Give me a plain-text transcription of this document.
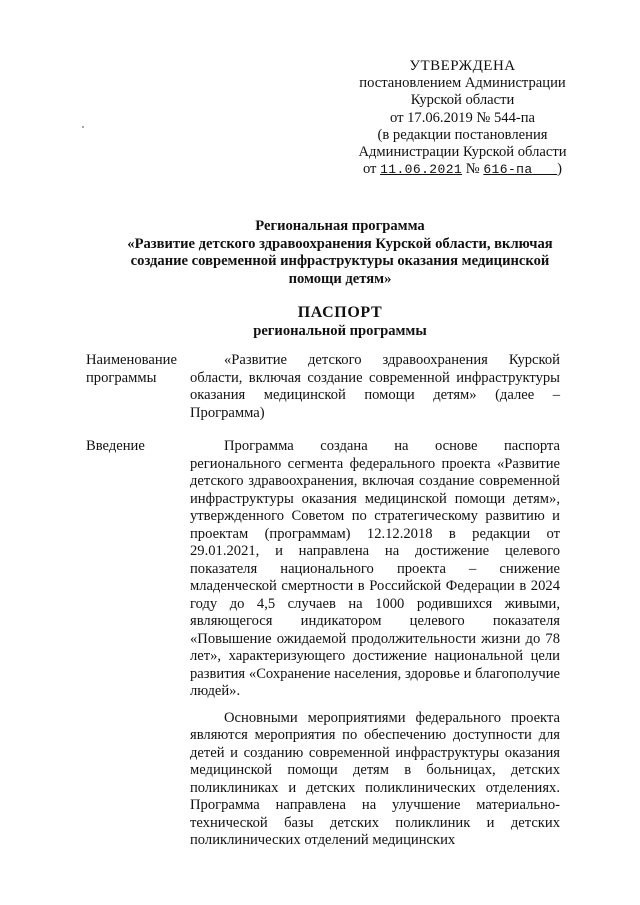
УТВЕРЖДЕНА
постановлением Администрации
Курской области
от 17.06.2019 № 544-па
(в редакции постановления
Администрации Курской области
от 11.06.2021 № 616-па )
Региональная программа
«Развитие детского здравоохранения Курской области, включая
создание современной инфраструктуры оказания медицинской
помощи детям»
ПАСПОРТ
региональной программы
Наименование программы

«Развитие детского здравоохранения Курской области, включая создание современной инфраструктуры оказания медицинской помощи детям» (далее – Программа)

Введение	Программа создана на основе паспорта регионального сегмента федерального проекта «Развитие детского здравоохранения, включая создание современной инфраструктуры оказания медицинской помощи детям», утвержденного Советом по стратегическому развитию и проектам (программам) 12.12.2018 в редакции от 29.01.2021, и направлена на достижение целевого показателя национального проекта – снижение младенческой смертности в Российской Федерации в 2024 году до 4,5 случаев на 1000 родившихся живыми, являющегося индикатором целевого показателя «Повышение ожидаемой продолжительности жизни до 78 лет», характеризующего достижение национальной цели развития «Сохранение населения, здоровье и благополучие людей».

Основными мероприятиями федерального проекта являются мероприятия по обеспечению доступности для детей и созданию современной инфраструктуры оказания медицинской помощи детям в больницах, детских поликлиниках и детских поликлинических отделениях. Программа направлена на улучшение материально-технической базы детских поликлиник и детских поликлинических отделений медицинских
